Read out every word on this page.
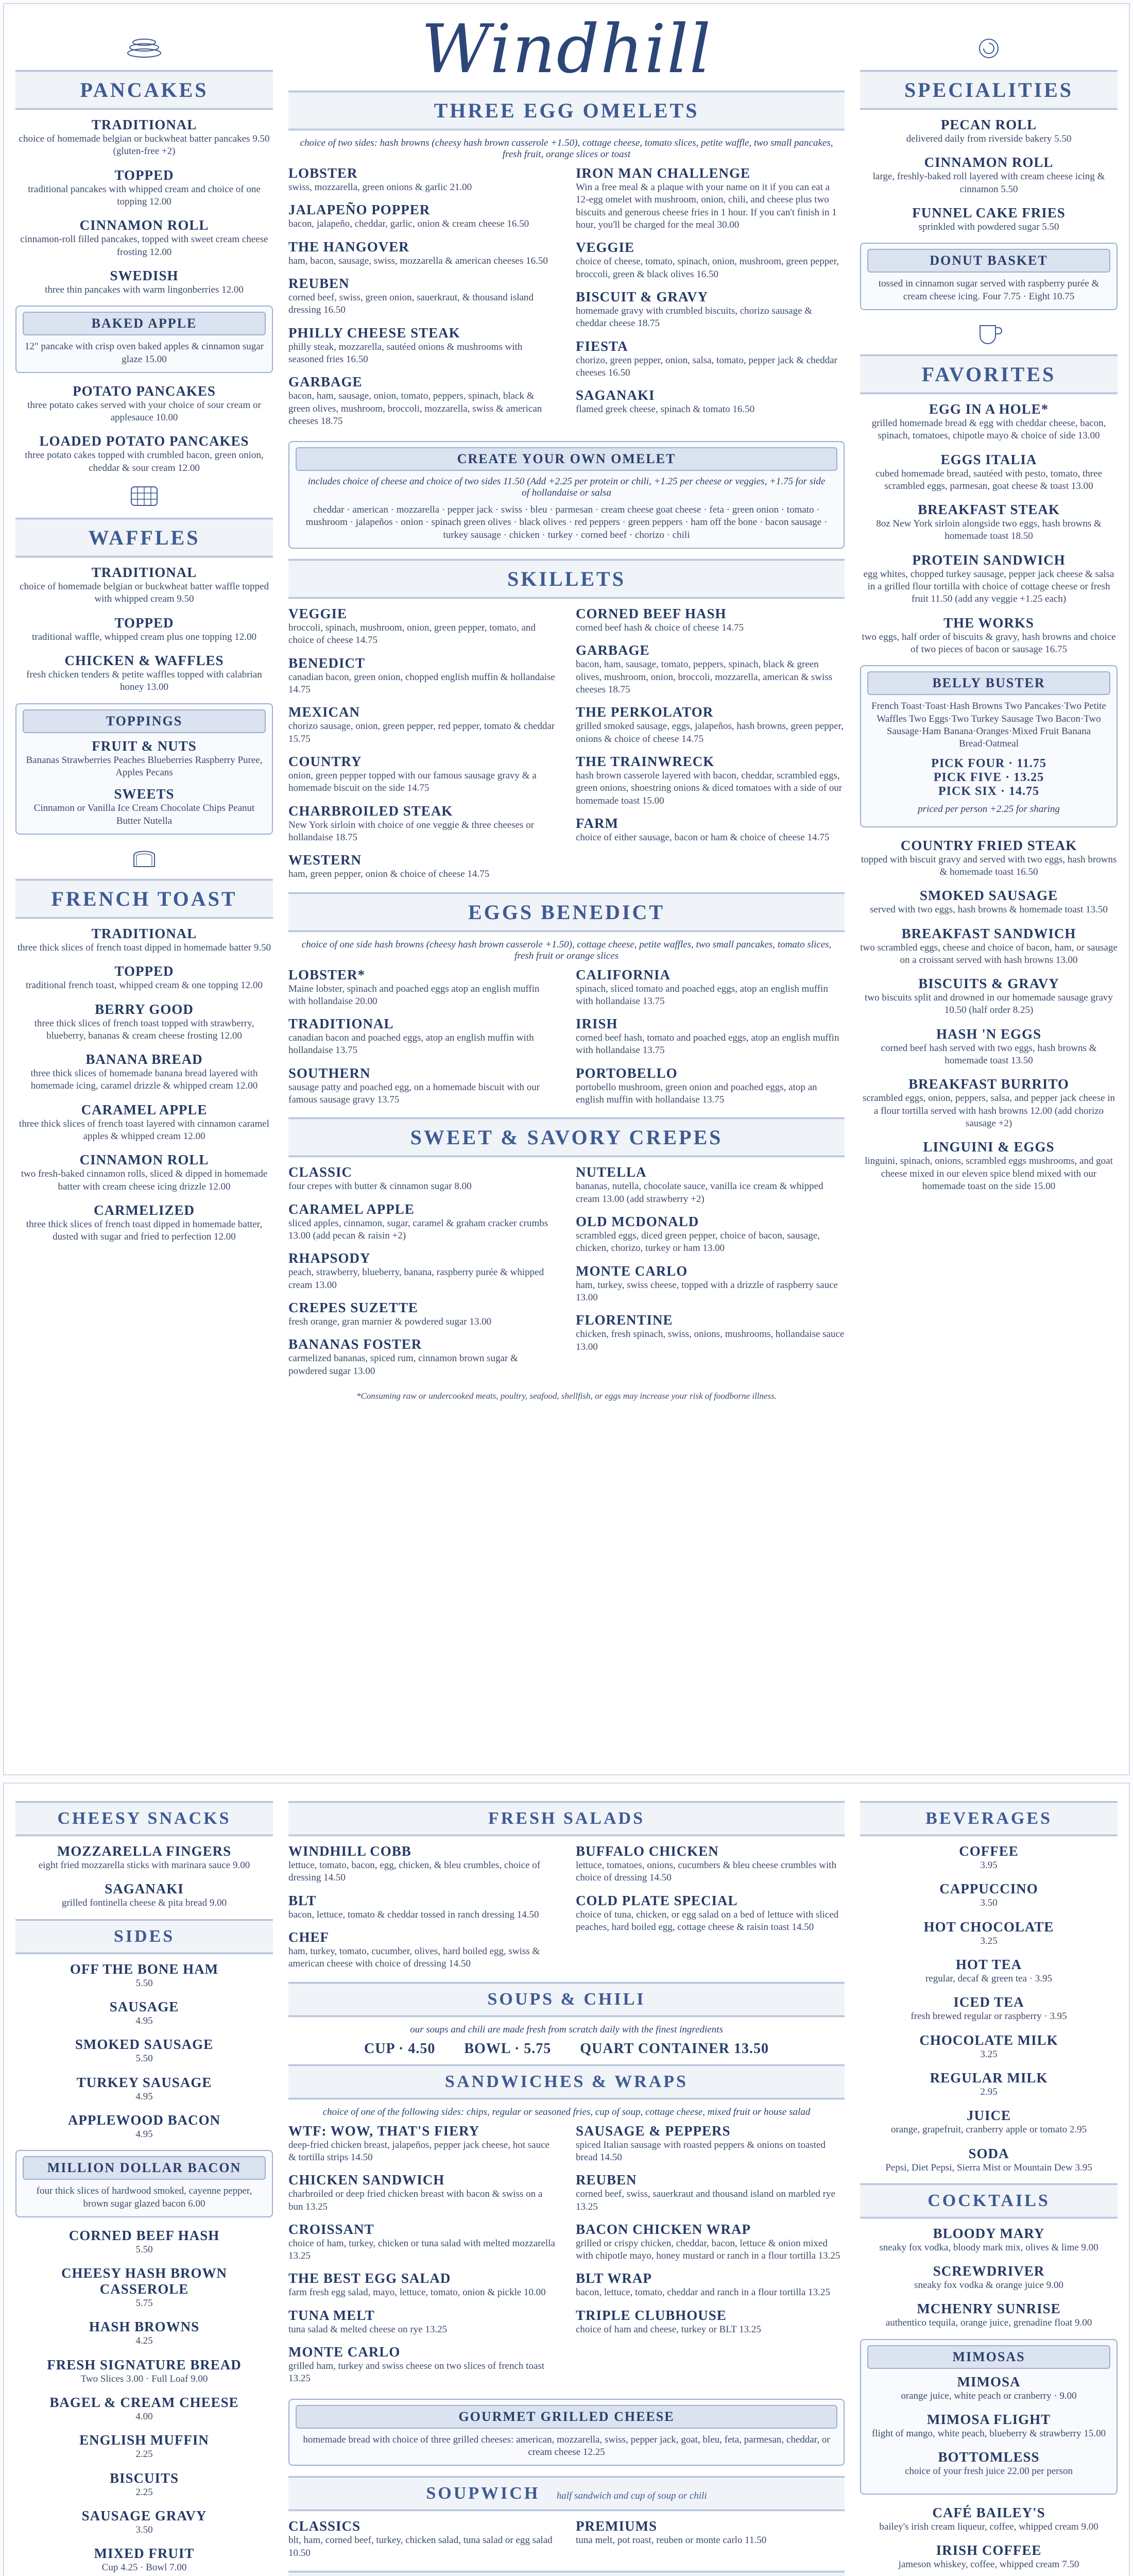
PANCAKES
TRADITIONAL
choice of homemade belgian or buckwheat batter pancakes 9.50 (gluten-free +2)
TOPPED
traditional pancakes with whipped cream and choice of one topping 12.00
CINNAMON ROLL
cinnamon-roll filled pancakes, topped with sweet cream cheese frosting 12.00
SWEDISH
three thin pancakes with warm lingonberries 12.00
BAKED APPLE
12" pancake with crisp oven baked apples & cinnamon sugar glaze 15.00
POTATO PANCAKES
three potato cakes served with your choice of sour cream or applesauce 10.00
LOADED POTATO PANCAKES
three potato cakes topped with crumbled bacon, green onion, cheddar & sour cream 12.00
WAFFLES
TRADITIONAL
choice of homemade belgian or buckwheat batter waffle topped with whipped cream 9.50
TOPPED
traditional waffle, whipped cream plus one topping 12.00
CHICKEN & WAFFLES
fresh chicken tenders & petite waffles topped with calabrian honey 13.00
TOPPINGS
FRUIT & NUTS
Bananas Strawberries Peaches Blueberries Raspberry Puree, Apples Pecans
SWEETS
Cinnamon or Vanilla Ice Cream Chocolate Chips Peanut Butter Nutella
FRENCH TOAST
TRADITIONAL
three thick slices of french toast dipped in homemade batter 9.50
TOPPED
traditional french toast, whipped cream & one topping 12.00
BERRY GOOD
three thick slices of french toast topped with strawberry, blueberry, bananas & cream cheese frosting 12.00
BANANA BREAD
three thick slices of homemade banana bread layered with homemade icing, caramel drizzle & whipped cream 12.00
CARAMEL APPLE
three thick slices of french toast layered with cinnamon caramel apples & whipped cream 12.00
CINNAMON ROLL
two fresh-baked cinnamon rolls, sliced & dipped in homemade batter with cream cheese icing drizzle 12.00
CARMELIZED
three thick slices of french toast dipped in homemade batter, dusted with sugar and fried to perfection 12.00
Windhill
THREE EGG OMELETS
choice of two sides: hash browns (cheesy hash brown casserole +1.50), cottage cheese, tomato slices, petite waffle, two small pancakes, fresh fruit, orange slices or toast
LOBSTER
swiss, mozzarella, green onions & garlic 21.00
JALAPEÑO POPPER
bacon, jalapeño, cheddar, garlic, onion & cream cheese 16.50
THE HANGOVER
ham, bacon, sausage, swiss, mozzarella & american cheeses 16.50
REUBEN
corned beef, swiss, green onion, sauerkraut, & thousand island dressing 16.50
PHILLY CHEESE STEAK
philly steak, mozzarella, sautéed onions & mushrooms with seasoned fries 16.50
GARBAGE
bacon, ham, sausage, onion, tomato, peppers, spinach, black & green olives, mushroom, broccoli, mozzarella, swiss & american cheeses 18.75
IRON MAN CHALLENGE
Win a free meal & a plaque with your name on it if you can eat a 12-egg omelet with mushroom, onion, chili, and cheese plus two biscuits and generous cheese fries in 1 hour. If you can't finish in 1 hour, you'll be charged for the meal 30.00
VEGGIE
choice of cheese, tomato, spinach, onion, mushroom, green pepper, broccoli, green & black olives 16.50
BISCUIT & GRAVY
homemade gravy with crumbled biscuits, chorizo sausage & cheddar cheese 18.75
FIESTA
chorizo, green pepper, onion, salsa, tomato, pepper jack & cheddar cheeses 16.50
SAGANAKI
flamed greek cheese, spinach & tomato 16.50
CREATE YOUR OWN OMELET
includes choice of cheese and choice of two sides 11.50 (Add +2.25 per protein or chili, +1.25 per cheese or veggies, +1.75 for side of hollandaise or salsa
cheddar · american · mozzarella · pepper jack · swiss · bleu · parmesan · cream cheese goat cheese · feta · green onion · tomato · mushroom · jalapeños · onion · spinach green olives · black olives · red peppers · green peppers · ham off the bone · bacon sausage · turkey sausage · chicken · turkey · corned beef · chorizo · chili
SKILLETS
VEGGIE
broccoli, spinach, mushroom, onion, green pepper, tomato, and choice of cheese 14.75
BENEDICT
canadian bacon, green onion, chopped english muffin & hollandaise 14.75
MEXICAN
chorizo sausage, onion, green pepper, red pepper, tomato & cheddar 15.75
COUNTRY
onion, green pepper topped with our famous sausage gravy & a homemade biscuit on the side 14.75
CHARBROILED STEAK
New York sirloin with choice of one veggie & three cheeses or hollandaise 18.75
WESTERN
ham, green pepper, onion & choice of cheese 14.75
CORNED BEEF HASH
corned beef hash & choice of cheese 14.75
GARBAGE
bacon, ham, sausage, tomato, peppers, spinach, black & green olives, mushroom, onion, broccoli, mozzarella, american & swiss cheeses 18.75
THE PERKOLATOR
grilled smoked sausage, eggs, jalapeños, hash browns, green pepper, onions & choice of cheese 14.75
THE TRAINWRECK
hash brown casserole layered with bacon, cheddar, scrambled eggs, green onions, shoestring onions & diced tomatoes with a side of our homemade toast 15.00
FARM
choice of either sausage, bacon or ham & choice of cheese 14.75
EGGS BENEDICT
choice of one side hash browns (cheesy hash brown casserole +1.50), cottage cheese, petite waffles, two small pancakes, tomato slices, fresh fruit or orange slices
LOBSTER*
Maine lobster, spinach and poached eggs atop an english muffin with hollandaise 20.00
TRADITIONAL
canadian bacon and poached eggs, atop an english muffin with hollandaise 13.75
SOUTHERN
sausage patty and poached egg, on a homemade biscuit with our famous sausage gravy 13.75
CALIFORNIA
spinach, sliced tomato and poached eggs, atop an english muffin with hollandaise 13.75
IRISH
corned beef hash, tomato and poached eggs, atop an english muffin with hollandaise 13.75
PORTOBELLO
portobello mushroom, green onion and poached eggs, atop an english muffin with hollandaise 13.75
SWEET & SAVORY CREPES
CLASSIC
four crepes with butter & cinnamon sugar 8.00
CARAMEL APPLE
sliced apples, cinnamon, sugar, caramel & graham cracker crumbs 13.00 (add pecan & raisin +2)
RHAPSODY
peach, strawberry, blueberry, banana, raspberry purée & whipped cream 13.00
CREPES SUZETTE
fresh orange, gran marnier & powdered sugar 13.00
BANANAS FOSTER
carmelized bananas, spiced rum, cinnamon brown sugar & powdered sugar 13.00
NUTELLA
bananas, nutella, chocolate sauce, vanilla ice cream & whipped cream 13.00 (add strawberry +2)
OLD MCDONALD
scrambled eggs, diced green pepper, choice of bacon, sausage, chicken, chorizo, turkey or ham 13.00
MONTE CARLO
ham, turkey, swiss cheese, topped with a drizzle of raspberry sauce 13.00
FLORENTINE
chicken, fresh spinach, swiss, onions, mushrooms, hollandaise sauce 13.00
*Consuming raw or undercooked meats, poultry, seafood, shellfish, or eggs may increase your risk of foodborne illness.
SPECIALITIES
PECAN ROLL
delivered daily from riverside bakery 5.50
CINNAMON ROLL
large, freshly-baked roll layered with cream cheese icing & cinnamon 5.50
FUNNEL CAKE FRIES
sprinkled with powdered sugar 5.50
DONUT BASKET
tossed in cinnamon sugar served with raspberry purée & cream cheese icing. Four 7.75 · Eight 10.75
FAVORITES
EGG IN A HOLE*
grilled homemade bread & egg with cheddar cheese, bacon, spinach, tomatoes, chipotle mayo & choice of side 13.00
EGGS ITALIA
cubed homemade bread, sautéed with pesto, tomato, three scrambled eggs, parmesan, goat cheese & toast 13.00
BREAKFAST STEAK
8oz New York sirloin alongside two eggs, hash browns & homemade toast 18.50
PROTEIN SANDWICH
egg whites, chopped turkey sausage, pepper jack cheese & salsa in a grilled flour tortilla with choice of cottage cheese or fresh fruit 11.50 (add any veggie +1.25 each)
THE WORKS
two eggs, half order of biscuits & gravy, hash browns and choice of two pieces of bacon or sausage 16.75
BELLY BUSTER
French Toast·Toast·Hash Browns Two Pancakes·Two Petite Waffles Two Eggs·Two Turkey Sausage Two Bacon·Two Sausage·Ham Banana·Oranges·Mixed Fruit Banana Bread·Oatmeal
PICK FOUR · 11.75
PICK FIVE · 13.25
PICK SIX · 14.75
priced per person +2.25 for sharing
COUNTRY FRIED STEAK
topped with biscuit gravy and served with two eggs, hash browns & homemade toast 16.50
SMOKED SAUSAGE
served with two eggs, hash browns & homemade toast 13.50
BREAKFAST SANDWICH
two scrambled eggs, cheese and choice of bacon, ham, or sausage on a croissant served with hash browns 13.00
BISCUITS & GRAVY
two biscuits split and drowned in our homemade sausage gravy 10.50 (half order 8.25)
HASH 'N EGGS
corned beef hash served with two eggs, hash browns & homemade toast 13.50
BREAKFAST BURRITO
scrambled eggs, onion, peppers, salsa, and pepper jack cheese in a flour tortilla served with hash browns 12.00 (add chorizo sausage +2)
LINGUINI & EGGS
linguini, spinach, onions, scrambled eggs mushrooms, and goat cheese mixed in our eleven spice blend mixed with our homemade toast on the side 15.00
CHEESY SNACKS
MOZZARELLA FINGERS
eight fried mozzarella sticks with marinara sauce 9.00
SAGANAKI
grilled fontinella cheese & pita bread 9.00
SIDES
OFF THE BONE HAM
5.50
SAUSAGE
4.95
SMOKED SAUSAGE
5.50
TURKEY SAUSAGE
4.95
APPLEWOOD BACON
4.95
MILLION DOLLAR BACON
four thick slices of hardwood smoked, cayenne pepper, brown sugar glazed bacon 6.00
CORNED BEEF HASH
5.50
CHEESY HASH BROWN CASSEROLE
5.75
HASH BROWNS
4.25
FRESH SIGNATURE BREAD
Two Slices 3.00 · Full Loaf 9.00
BAGEL & CREAM CHEESE
4.00
ENGLISH MUFFIN
2.25
BISCUITS
2.25
SAUSAGE GRAVY
3.50
MIXED FRUIT
Cup 4.25 · Bowl 7.00
FRESH SALADS
WINDHILL COBB
lettuce, tomato, bacon, egg, chicken, & bleu crumbles, choice of dressing 14.50
BLT
bacon, lettuce, tomato & cheddar tossed in ranch dressing 14.50
CHEF
ham, turkey, tomato, cucumber, olives, hard boiled egg, swiss & american cheese with choice of dressing 14.50
BUFFALO CHICKEN
lettuce, tomatoes, onions, cucumbers & bleu cheese crumbles with choice of dressing 14.50
COLD PLATE SPECIAL
choice of tuna, chicken, or egg salad on a bed of lettuce with sliced peaches, hard boiled egg, cottage cheese & raisin toast 14.50
SOUPS & CHILI
our soups and chili are made fresh from scratch daily with the finest ingredients
CUP · 4.50 BOWL · 5.75 QUART CONTAINER 13.50
SANDWICHES & WRAPS
choice of one of the following sides: chips, regular or seasoned fries, cup of soup, cottage cheese, mixed fruit or house salad
WTF: WOW, THAT'S FIERY
deep-fried chicken breast, jalapeños, pepper jack cheese, hot sauce & tortilla strips 14.50
CHICKEN SANDWICH
charbroiled or deep fried chicken breast with bacon & swiss on a bun 13.25
CROISSANT
choice of ham, turkey, chicken or tuna salad with melted mozzarella 13.25
THE BEST EGG SALAD
farm fresh egg salad, mayo, lettuce, tomato, onion & pickle 10.00
TUNA MELT
tuna salad & melted cheese on rye 13.25
MONTE CARLO
grilled ham, turkey and swiss cheese on two slices of french toast 13.25
SAUSAGE & PEPPERS
spiced Italian sausage with roasted peppers & onions on toasted bread 14.50
REUBEN
corned beef, swiss, sauerkraut and thousand island on marbled rye 13.25
BACON CHICKEN WRAP
grilled or crispy chicken, cheddar, bacon, lettuce & onion mixed with chipotle mayo, honey mustard or ranch in a flour tortilla 13.25
BLT WRAP
bacon, lettuce, tomato, cheddar and ranch in a flour tortilla 13.25
TRIPLE CLUBHOUSE
choice of ham and cheese, turkey or BLT 13.25
GOURMET GRILLED CHEESE
homemade bread with choice of three grilled cheeses: american, mozzarella, swiss, pepper jack, goat, bleu, feta, parmesan, cheddar, or cream cheese 12.25
SOUPWICH half sandwich and cup of soup or chili
CLASSICS
blt, ham, corned beef, turkey, chicken salad, tuna salad or egg salad 10.50
PREMIUMS
tuna melt, pot roast, reuben or monte carlo 11.50
BEVERAGES
COFFEE
3.95
CAPPUCCINO
3.50
HOT CHOCOLATE
3.25
HOT TEA
regular, decaf & green tea · 3.95
ICED TEA
fresh brewed regular or raspberry · 3.95
CHOCOLATE MILK
3.25
REGULAR MILK
2.95
JUICE
orange, grapefruit, cranberry apple or tomato 2.95
SODA
Pepsi, Diet Pepsi, Sierra Mist or Mountain Dew 3.95
COCKTAILS
BLOODY MARY
sneaky fox vodka, bloody mark mix, olives & lime 9.00
SCREWDRIVER
sneaky fox vodka & orange juice 9.00
MCHENRY SUNRISE
authentico tequila, orange juice, grenadine float 9.00
MIMOSAS
MIMOSA
orange juice, white peach or cranberry · 9.00
MIMOSA FLIGHT
flight of mango, white peach, blueberry & strawberry 15.00
BOTTOMLESS
choice of your fresh juice 22.00 per person
CAFÉ BAILEY'S
bailey's irish cream liqueur, coffee, whipped cream 9.00
IRISH COFFEE
jameson whiskey, coffee, whipped cream 7.50
